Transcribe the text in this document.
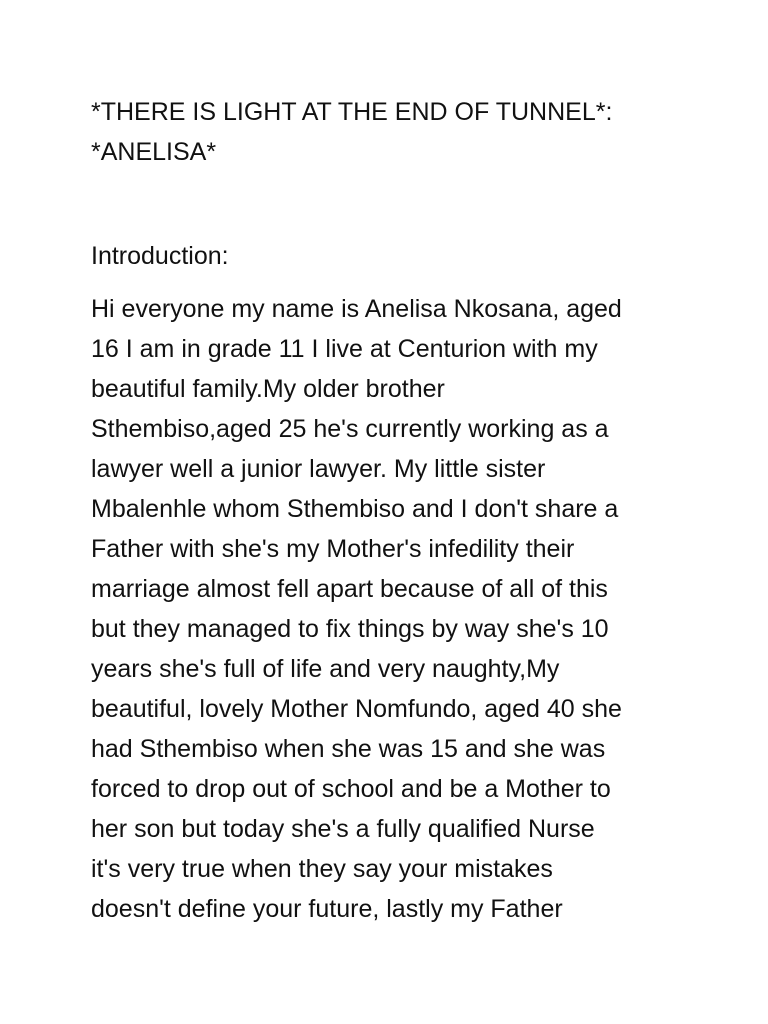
*THERE IS LIGHT AT THE END OF TUNNEL*:
*ANELISA*
Introduction:
Hi everyone my name is Anelisa Nkosana, aged
16 I am in grade 11 I live at Centurion with my
beautiful family.My older brother
Sthembiso,aged 25 he's currently working as a
lawyer well a junior lawyer. My little sister
Mbalenhle whom Sthembiso and I don't share a
Father with she's my Mother's infedility their
marriage almost fell apart because of all of this
but they managed to fix things by way she's 10
years she's full of life and very naughty,My
beautiful, lovely Mother Nomfundo, aged 40 she
had Sthembiso when she was 15 and she was
forced to drop out of school and be a Mother to
her son but today she's a fully qualified Nurse
it's very true when they say your mistakes
doesn't define your future, lastly my Father
